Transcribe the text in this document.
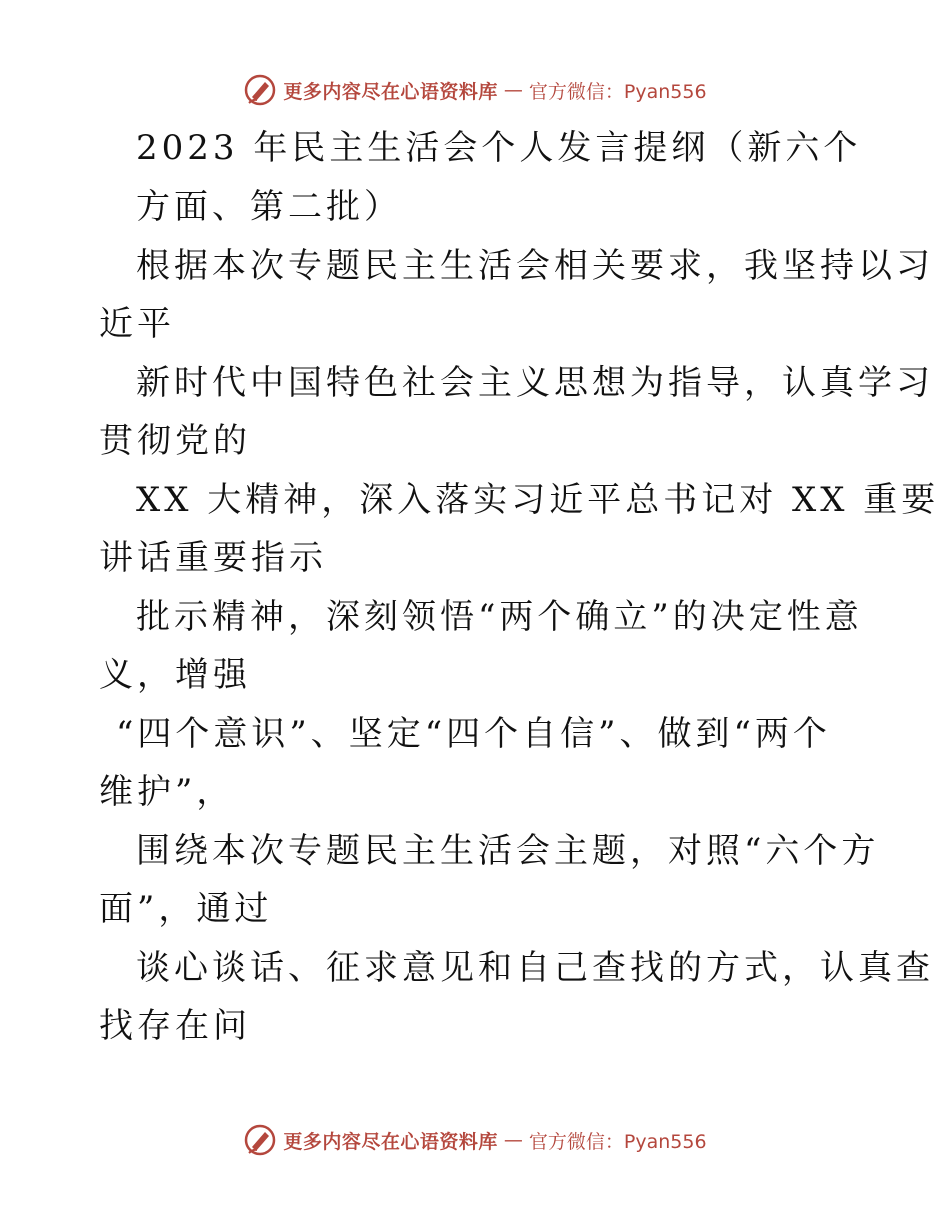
更多内容尽在心语资料库 — 官方微信：Pyan556
2023 年民主生活会个人发言提纲（新六个
方面、第二批）
根据本次专题民主生活会相关要求，我坚持以习
近平
新时代中国特色社会主义思想为指导，认真学习
贯彻党的
XX 大精神，深入落实习近平总书记对 XX 重要
讲话重要指示
批示精神，深刻领悟“两个确立”的决定性意
义，增强
“四个意识”、坚定“四个自信”、做到“两个
维护”，
围绕本次专题民主生活会主题，对照“六个方
面”，通过
谈心谈话、征求意见和自己查找的方式，认真查
找存在问
更多内容尽在心语资料库 — 官方微信：Pyan556
